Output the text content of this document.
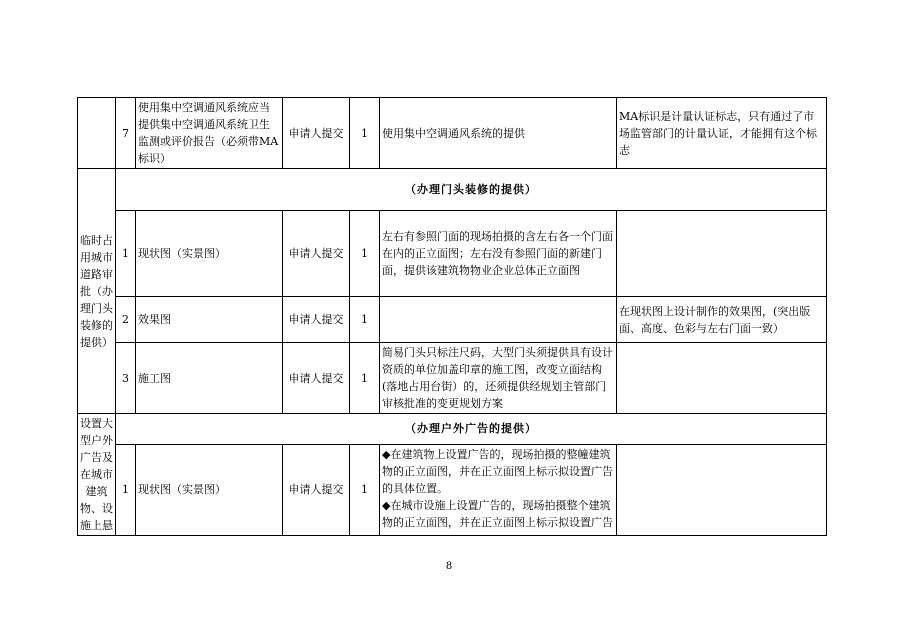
	7	使用集中空调通风系统应当提供集中空调通风系统卫生监测或评价报告（必须带MA标识）	申请人提交	1	使用集中空调通风系统的提供	MA标识是计量认证标志，只有通过了市场监管部门的计量认证，才能拥有这个标志
临时占用城市道路审批（办理门头装修的提供）	（办理门头装修的提供）					
	1	现状图（实景图）	申请人提交	1	左右有参照门面的现场拍摄的含左右各一个门面在内的正立面图；左右没有参照门面的新建门面，提供该建筑物物业企业总体正立面图	
	2	效果图	申请人提交	1		在现状图上设计制作的效果图，(突出版面、高度、色彩与左右门面一致）
	3	施工图	申请人提交	1	简易门头只标注尺码，大型门头须提供具有设计资质的单位加盖印章的施工图，改变立面结构(落地占用台街）的，还须提供经规划主管部门审核批准的变更规划方案	
设置大型户外广告及在城市建筑物、设施上悬	（办理户外广告的提供）					
	1	现状图（实景图）	申请人提交	1	◆在建筑物上设置广告的，现场拍摄的整幢建筑物的正立面图，并在正立面图上标示拟设置广告的具体位置。
◆在城市设施上设置广告的，现场拍摄整个建筑物的正立面图，并在正立面图上标示拟设置广告	

8
